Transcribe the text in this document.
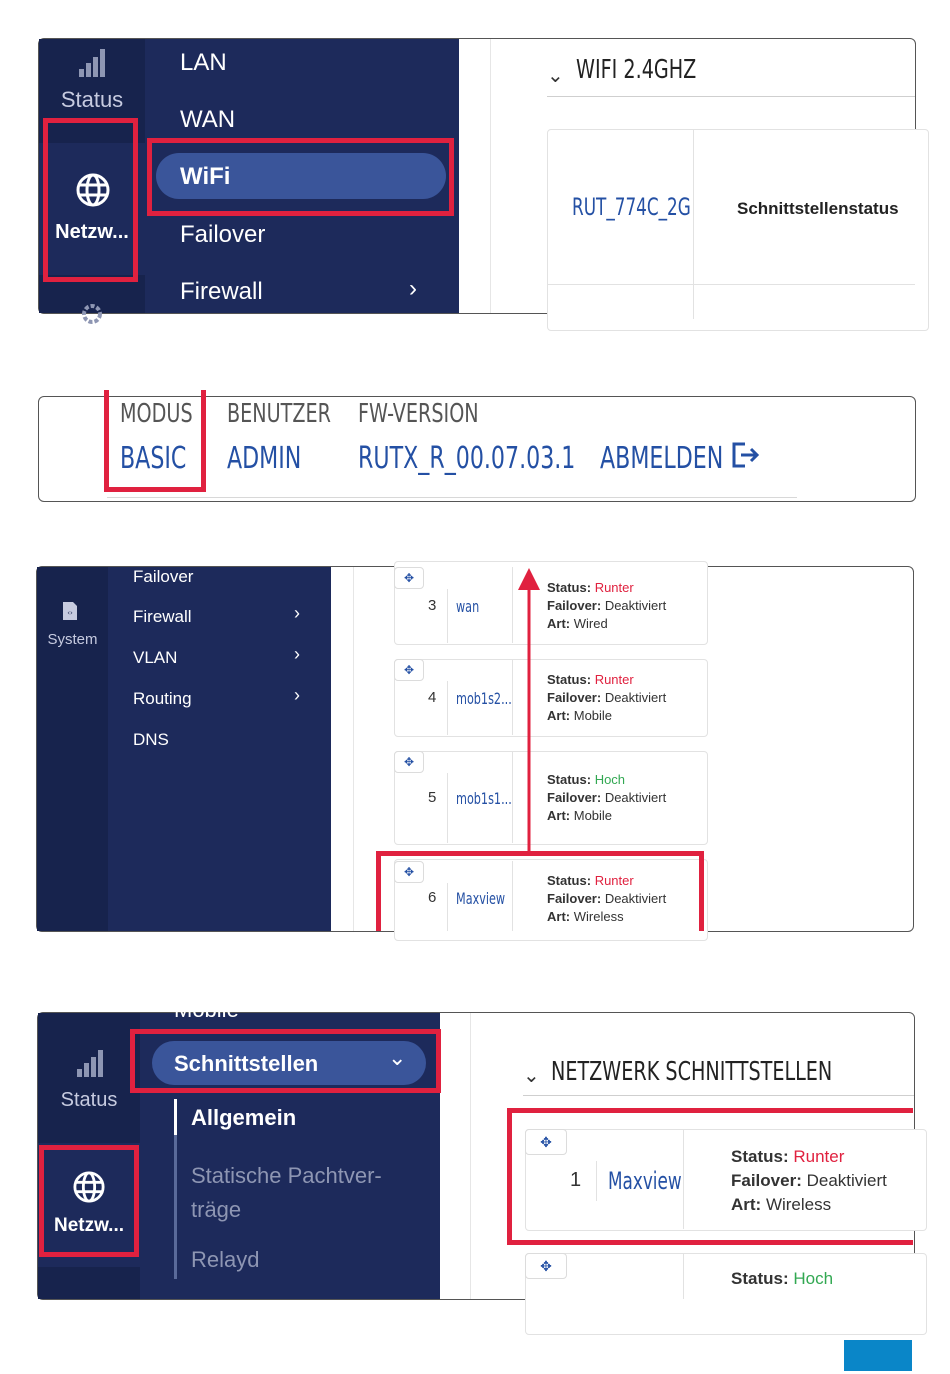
Status
Netzw...
LAN
WAN
WiFi
Failover
Firewall	›
⌄ WIFI 2.4GHZ
RUT_774C_2G	Schnittstellenstatus
MODUS
BASIC
BENUTZER
ADMIN
FW-VERSION
RUTX_R_00.07.03.1 ABMELDEN
‹›
System
Failover
Firewall	›
VLAN	›
Routing	›
DNS
✥
3 wan
Status: Runter
Failover: Deaktiviert
Art: Wired
✥
4 mob1s2...
Status: Runter
Failover: Deaktiviert
Art: Mobile
✥
5 mob1s1...
Status: Hoch
Failover: Deaktiviert
Art: Mobile
✥
6 Maxview
Status: Runter
Failover: Deaktiviert
Art: Wireless
Status
Netzw...
Mobile
Schnittstellen	⌄
Allgemein
Statische Pachtver-
träge
Relayd
⌄ NETZWERK SCHNITTSTELLEN
✥
1 Maxview
Status: Runter
Failover: Deaktiviert
Art: Wireless
✥
Status: Hoch
